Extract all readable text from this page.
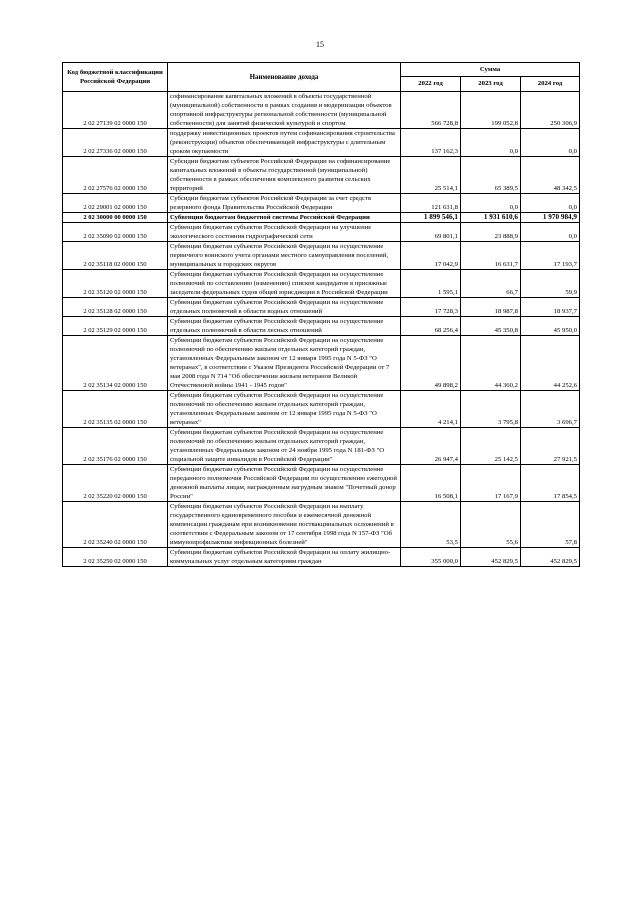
15
Код бюджетной классификации Российской Федерации	Наименование дохода	Сумма		
		2022 год	2023 год	2024 год
2 02 27139 02 0000 150	софинансирование капитальных вложений в объекты государственной (муниципальной) собственности в рамках создания и модернизации объектов спортивной инфраструктуры региональной собственности (муниципальной собственности) для занятий физической культурой и спортом	566 728,8	199 052,8	250 306,9
2 02 27336 02 0000 150	поддержку инвестиционных проектов путем софинансирования строительства (реконструкции) объектов обеспечивающей инфраструктуры с длительным сроком окупаемости	137 162,3	0,0	0,0
2 02 27576 02 0000 150	Субсидии бюджетам субъектов Российской Федерации на софинансирование капитальных вложений в объекты государственной (муниципальной) собственности в рамках обеспечения комплексного развития сельских территорий	25 514,1	65 389,5	48 342,5
2 02 29001 02 0000 150	Субсидии бюджетам субъектов Российской Федерации за счет средств резервного фонда Правительства Российской Федерации	121 631,8	0,0	0,0
2 02 30000 00 0000 150	Субвенции бюджетам бюджетной системы Российской Федерации	1 899 546,1	1 931 610,6	1 970 984,9
2 02 35090 02 0000 150	Субвенции бюджетам субъектов Российской Федерации на улучшение экологического состояния гидрографической сети	69 801,1	23 888,9	0,0
2 02 35118 02 0000 150	Субвенции бюджетам субъектов Российской Федерации на осуществление первичного воинского учета органами местного самоуправления поселений, муниципальных и городских округов	17 042,9	16 631,7	17 193,7
2 02 35120 02 0000 150	Субвенции бюджетам субъектов Российской Федерации на осуществление полномочий по составлению (изменению) списков кандидатов в присяжные заседатели федеральных судов общей юрисдикции в Российской Федерации	1 595,1	66,7	59,9
2 02 35128 02 0000 150	Субвенции бюджетам субъектов Российской Федерации на осуществление отдельных полномочий в области водных отношений	17 728,3	18 987,8	18 937,7
2 02 35129 02 0000 150	Субвенции бюджетам субъектов Российской Федерации на осуществление отдельных полномочий в области лесных отношений	68 256,4	45 350,8	45 950,0
2 02 35134 02 0000 150	Субвенции бюджетам субъектов Российской Федерации на осуществление полномочий по обеспечению жильем отдельных категорий граждан, установленных Федеральным законом от 12 января 1995 года N 5-ФЗ "О ветеранах", в соответствии с Указом Президента Российской Федерации от 7 мая 2008 года N 714 "Об обеспечении жильем ветеранов Великой Отечественной войны 1941 - 1945 годов"	49 898,2	44 360,2	44 252,6
2 02 35135 02 0000 150	Субвенции бюджетам субъектов Российской Федерации на осуществление полномочий по обеспечению жильем отдельных категорий граждан, установленных Федеральным законом от 12 января 1995 года N 5-ФЗ "О ветеранах"	4 214,1	3 795,8	3 696,7
2 02 35176 02 0000 150	Субвенции бюджетам субъектов Российской Федерации на осуществление полномочий по обеспечению жильем отдельных категорий граждан, установленных Федеральным законом от 24 ноября 1995 года N 181-ФЗ "О социальной защите инвалидов в Российской Федерации"	26 947,4	25 142,5	27 921,5
2 02 35220 02 0000 150	Субвенции бюджетам субъектов Российской Федерации на осуществление переданного полномочия Российской Федерации по осуществлению ежегодной денежной выплаты лицам, награжденным нагрудным знаком "Почетный донор России"	16 508,1	17 167,9	17 854,5
2 02 35240 02 0000 150	Субвенции бюджетам субъектов Российской Федерации на выплату государственного единовременного пособия и ежемесячной денежной компенсации гражданам при возникновении поствакцинальных осложнений в соответствии с Федеральным законом от 17 сентября 1998 года N 157-ФЗ "Об иммунопрофилактике инфекционных болезней"	53,5	55,6	57,8
2 02 35250 02 0000 150	Субвенции бюджетам субъектов Российской Федерации на оплату жилищно-коммунальных услуг отдельным категориям граждан	355 000,0	452 829,5	452 829,5
